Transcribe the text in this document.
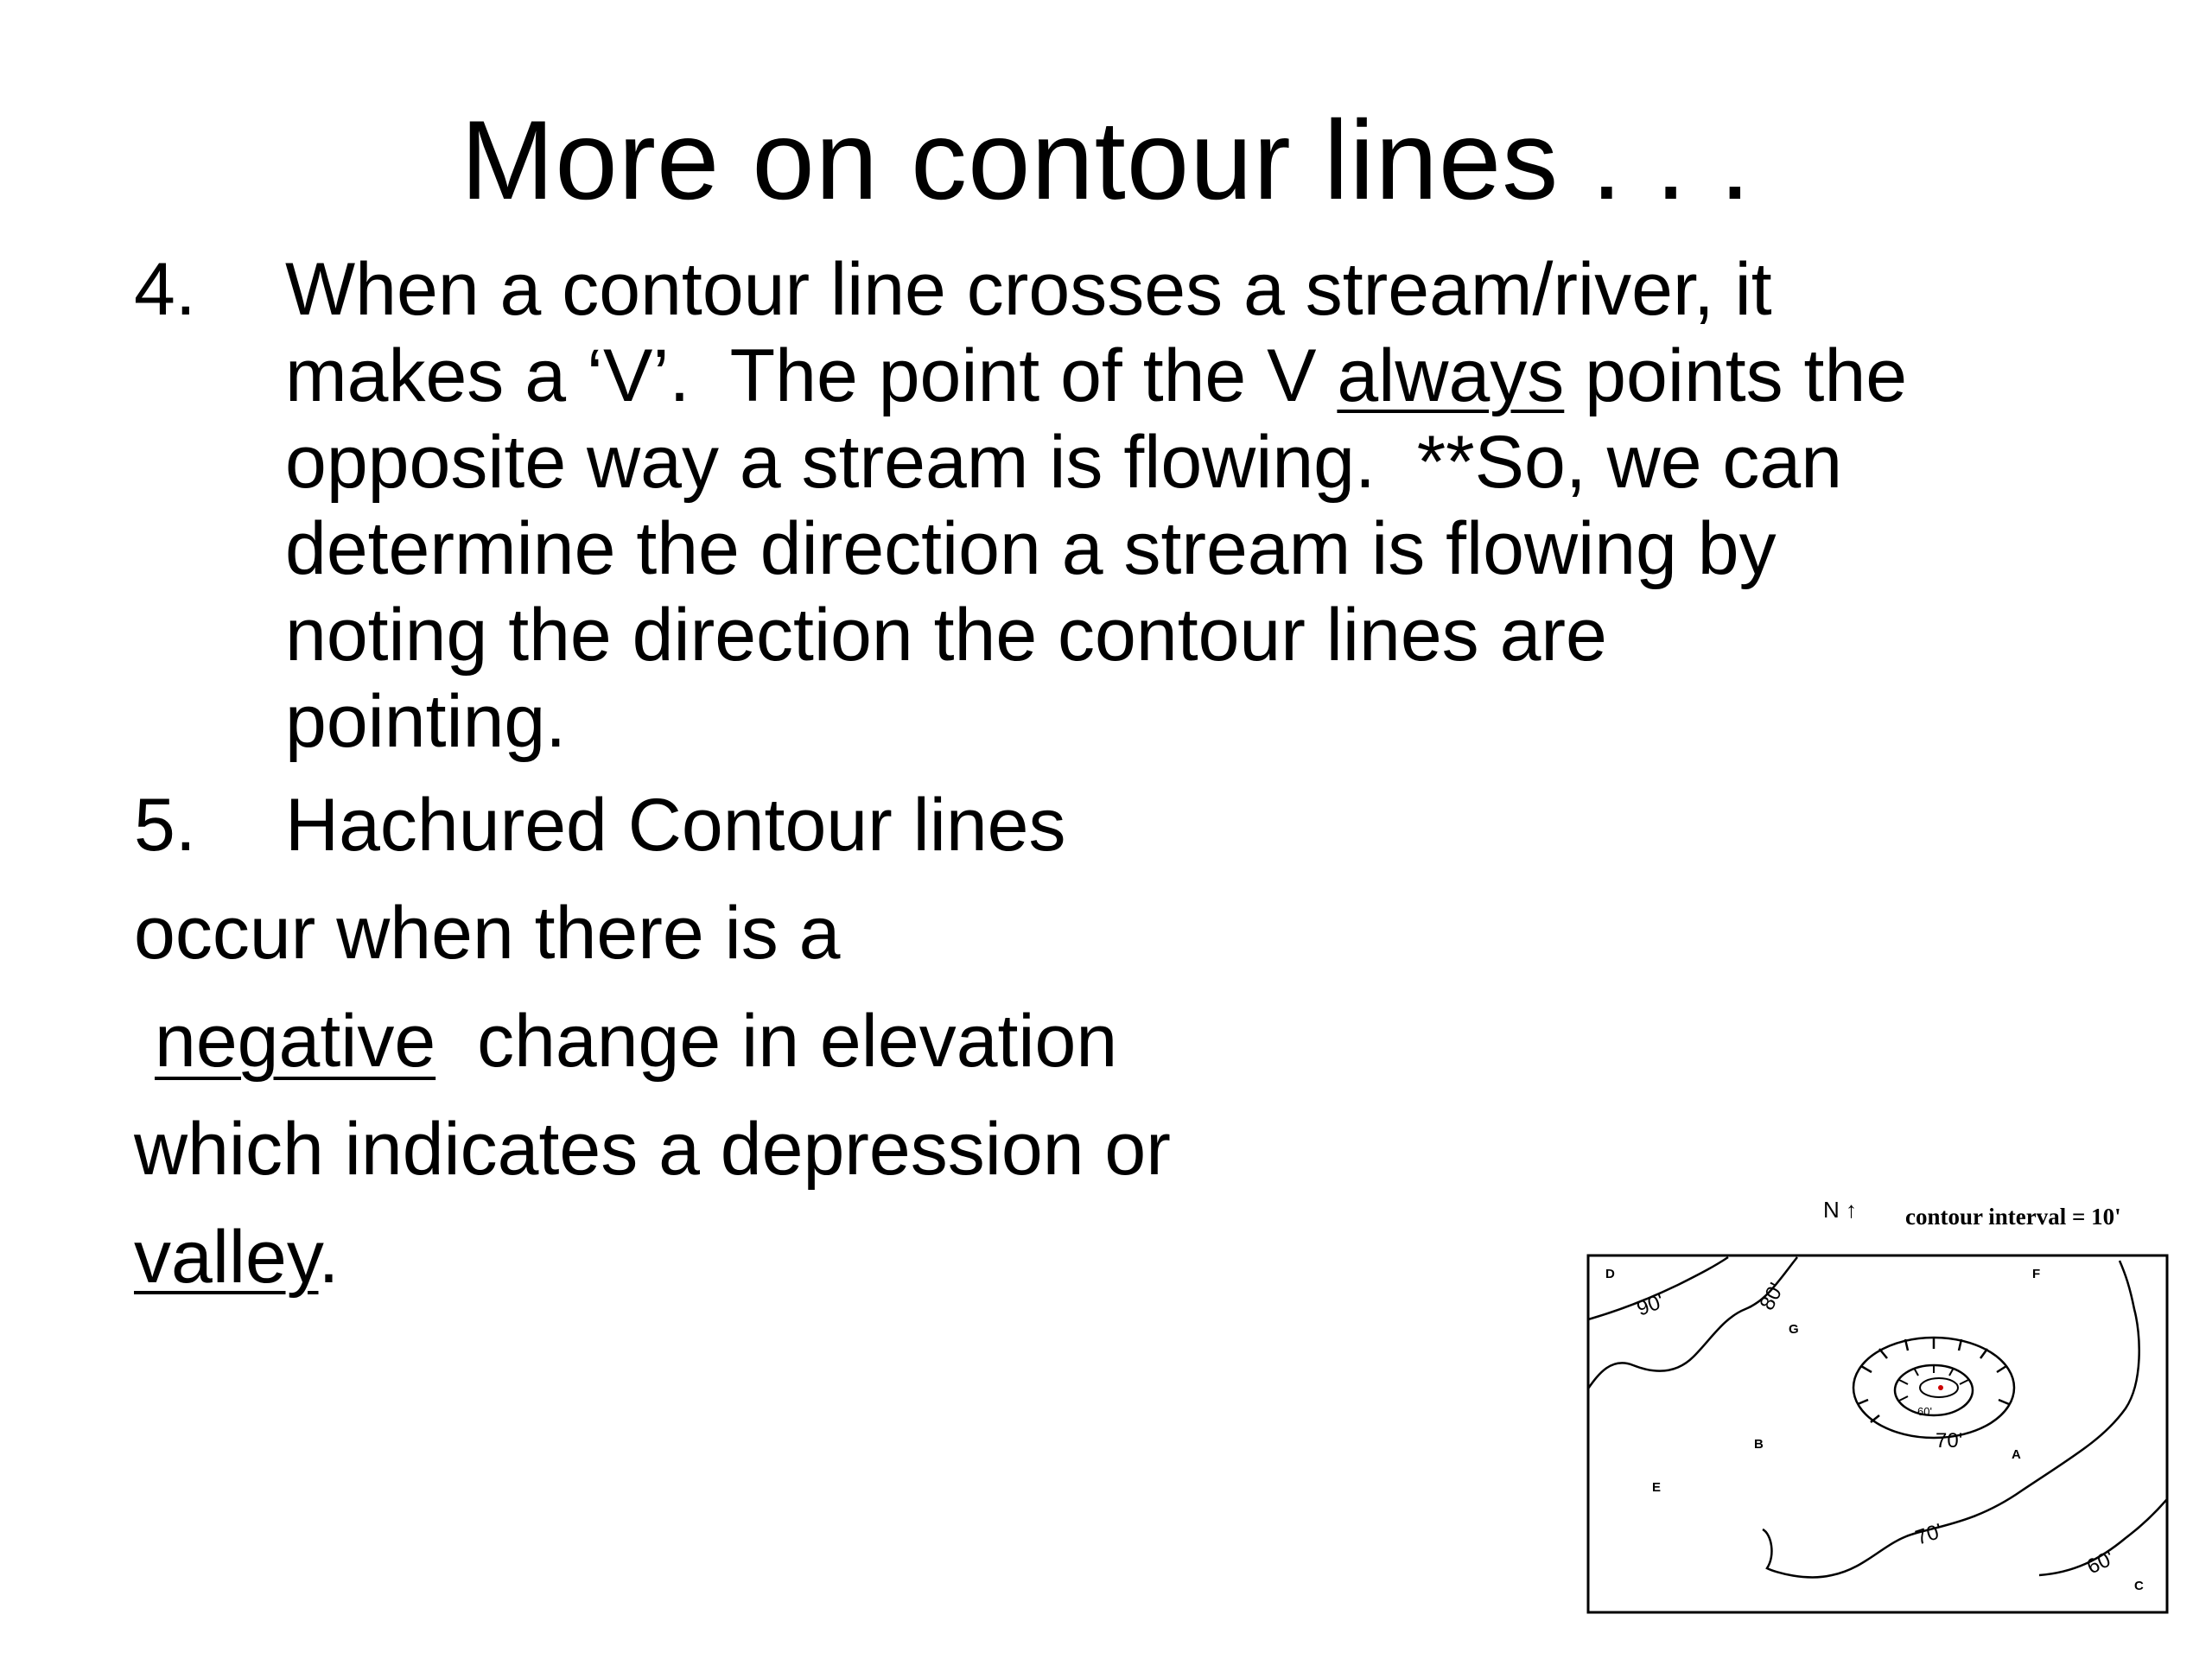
More on contour lines . . .
4. When a contour line crosses a stream/river, it
makes a ‘V’.  The point of the V always points the
opposite way a stream is flowing.  **So, we can
determine the direction a stream is flowing by
noting the direction the contour lines are
pointing.
5. Hachured Contour lines
occur when there is a
negative change in elevation
which indicates a depression or
valley.
N ↑ contour interval = 10'
D	F
G
B
E
A
C
90'	80'
70'
60'
70'
60'
